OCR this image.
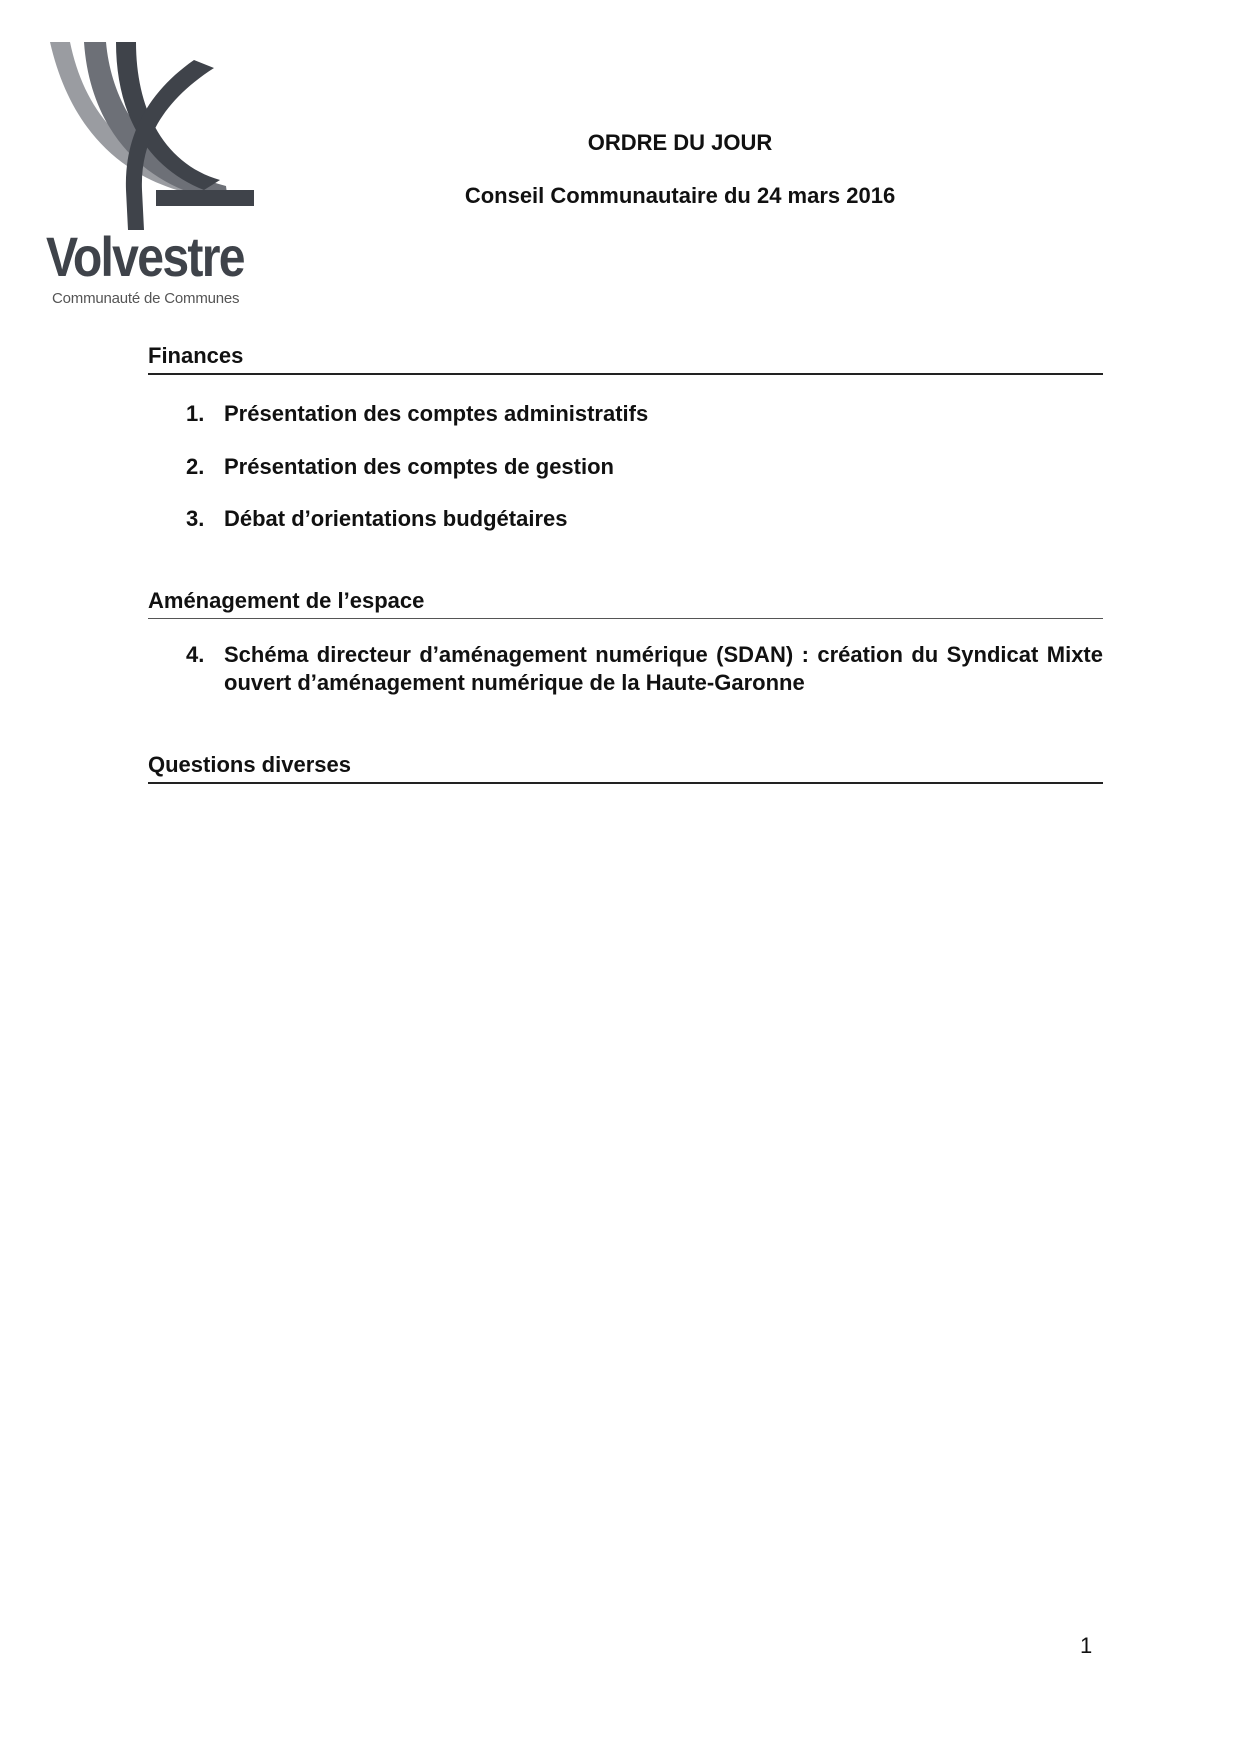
Volvestre
Communauté de Communes
ORDRE DU JOUR
Conseil Communautaire du 24 mars 2016
Finances
1. Présentation des comptes administratifs
2. Présentation des comptes de gestion
3. Débat d’orientations budgétaires
Aménagement de l’espace
4. Schéma directeur d’aménagement numérique (SDAN) : création du Syndicat Mixte ouvert d’aménagement numérique de la Haute-Garonne
Questions diverses
1
